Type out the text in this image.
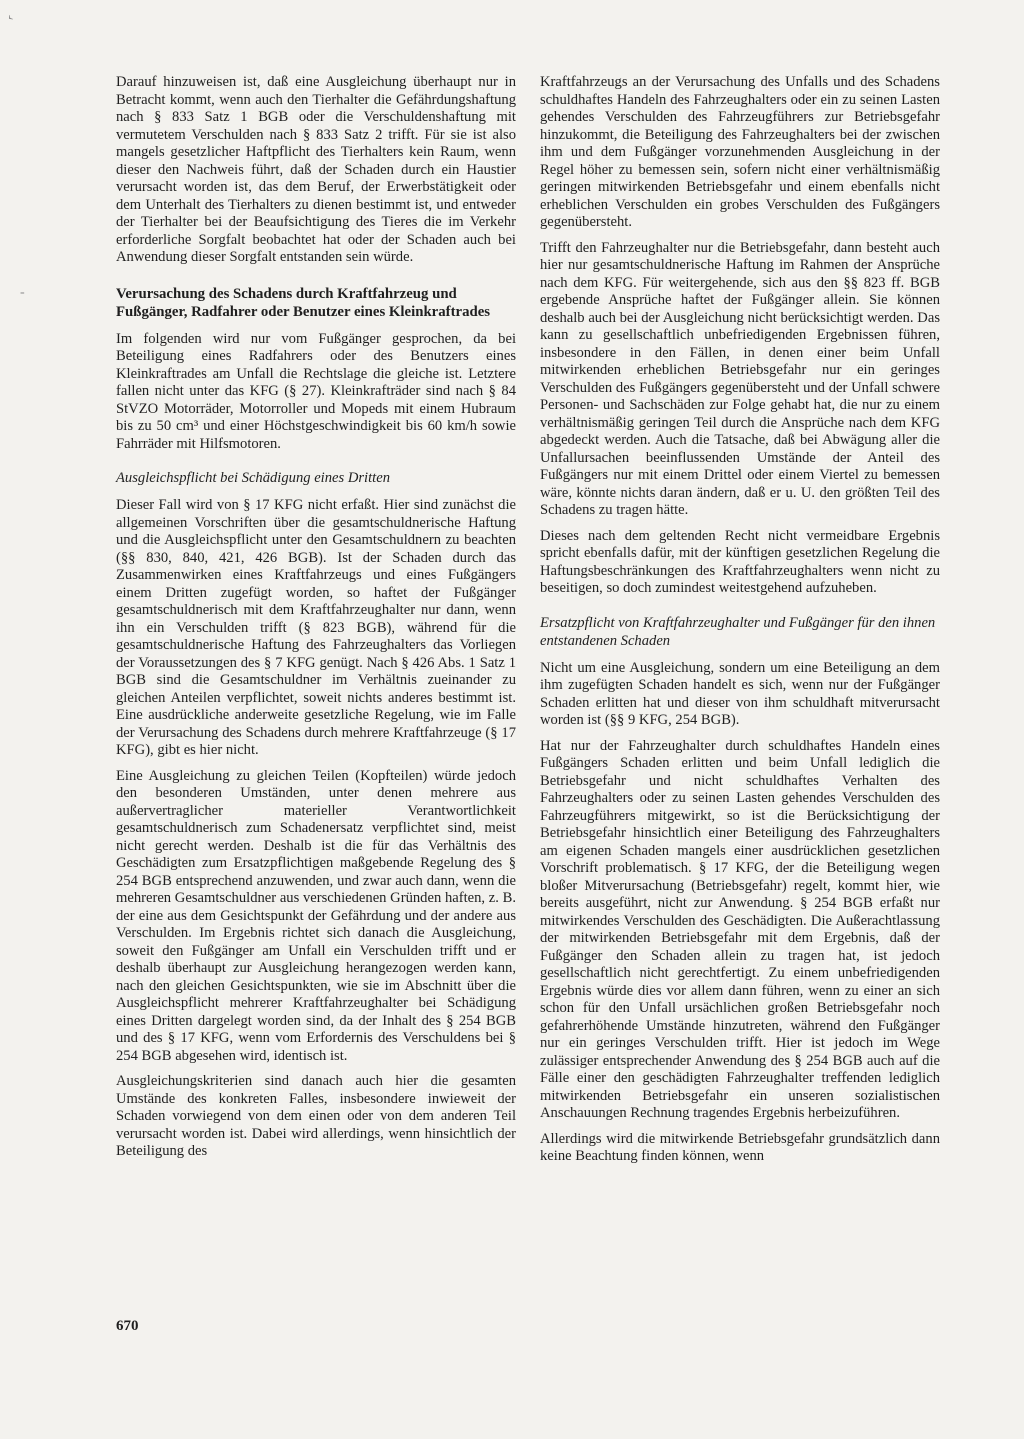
‹
-

Darauf hinzuweisen ist, daß eine Ausgleichung überhaupt nur in Betracht kommt, wenn auch den Tierhalter die Gefährdungshaftung nach § 833 Satz 1 BGB oder die Verschuldenshaftung mit vermutetem Verschulden nach § 833 Satz 2 trifft. Für sie ist also mangels gesetzlicher Haftpflicht des Tierhalters kein Raum, wenn dieser den Nachweis führt, daß der Schaden durch ein Haustier verursacht worden ist, das dem Beruf, der Erwerbstätigkeit oder dem Unterhalt des Tierhalters zu dienen bestimmt ist, und entweder der Tierhalter bei der Beaufsichtigung des Tieres die im Verkehr erforderliche Sorgfalt beobachtet hat oder der Schaden auch bei Anwendung dieser Sorgfalt entstanden sein würde.

Verursachung des Schadens durch Kraftfahrzeug und Fußgänger, Radfahrer oder Benutzer eines Kleinkraftrades

Im folgenden wird nur vom Fußgänger gesprochen, da bei Beteiligung eines Radfahrers oder des Benutzers eines Kleinkraftrades am Unfall die Rechtslage die gleiche ist. Letztere fallen nicht unter das KFG (§ 27). Kleinkrafträder sind nach § 84 StVZO Motorräder, Motorroller und Mopeds mit einem Hubraum bis zu 50 cm³ und einer Höchstgeschwindigkeit bis 60 km/h sowie Fahrräder mit Hilfsmotoren.

Ausgleichspflicht bei Schädigung eines Dritten

Dieser Fall wird von § 17 KFG nicht erfaßt. Hier sind zunächst die allgemeinen Vorschriften über die gesamtschuldnerische Haftung und die Ausgleichspflicht unter den Gesamtschuldnern zu beachten (§§ 830, 840, 421, 426 BGB). Ist der Schaden durch das Zusammenwirken eines Kraftfahrzeugs und eines Fußgängers einem Dritten zugefügt worden, so haftet der Fußgänger gesamtschuldnerisch mit dem Kraftfahrzeughalter nur dann, wenn ihn ein Verschulden trifft (§ 823 BGB), während für die gesamtschuldnerische Haftung des Fahrzeughalters das Vorliegen der Voraussetzungen des § 7 KFG genügt. Nach § 426 Abs. 1 Satz 1 BGB sind die Gesamtschuldner im Verhältnis zueinander zu gleichen Anteilen verpflichtet, soweit nichts anderes bestimmt ist. Eine ausdrückliche anderweite gesetzliche Regelung, wie im Falle der Verursachung des Schadens durch mehrere Kraftfahrzeuge (§ 17 KFG), gibt es hier nicht.

Eine Ausgleichung zu gleichen Teilen (Kopfteilen) würde jedoch den besonderen Umständen, unter denen mehrere aus außervertraglicher materieller Verantwortlichkeit gesamtschuldnerisch zum Schadenersatz verpflichtet sind, meist nicht gerecht werden. Deshalb ist die für das Verhältnis des Geschädigten zum Ersatzpflichtigen maßgebende Regelung des § 254 BGB entsprechend anzuwenden, und zwar auch dann, wenn die mehreren Gesamtschuldner aus verschiedenen Gründen haften, z. B. der eine aus dem Gesichtspunkt der Gefährdung und der andere aus Verschulden. Im Ergebnis richtet sich danach die Ausgleichung, soweit den Fußgänger am Unfall ein Verschulden trifft und er deshalb überhaupt zur Ausgleichung herangezogen werden kann, nach den gleichen Gesichtspunkten, wie sie im Abschnitt über die Ausgleichspflicht mehrerer Kraftfahrzeughalter bei Schädigung eines Dritten dargelegt worden sind, da der Inhalt des § 254 BGB und des § 17 KFG, wenn vom Erfordernis des Verschuldens bei § 254 BGB abgesehen wird, identisch ist.

Ausgleichungskriterien sind danach auch hier die gesamten Umstände des konkreten Falles, insbesondere inwieweit der Schaden vorwiegend von dem einen oder von dem anderen Teil verursacht worden ist. Dabei wird allerdings, wenn hinsichtlich der Beteiligung des

Kraftfahrzeugs an der Verursachung des Unfalls und des Schadens schuldhaftes Handeln des Fahrzeughalters oder ein zu seinen Lasten gehendes Verschulden des Fahrzeugführers zur Betriebsgefahr hinzukommt, die Beteiligung des Fahrzeughalters bei der zwischen ihm und dem Fußgänger vorzunehmenden Ausgleichung in der Regel höher zu bemessen sein, sofern nicht einer verhältnismäßig geringen mitwirkenden Betriebsgefahr und einem ebenfalls nicht erheblichen Verschulden ein grobes Verschulden des Fußgängers gegenübersteht.

Trifft den Fahrzeughalter nur die Betriebsgefahr, dann besteht auch hier nur gesamtschuldnerische Haftung im Rahmen der Ansprüche nach dem KFG. Für weitergehende, sich aus den §§ 823 ff. BGB ergebende Ansprüche haftet der Fußgänger allein. Sie können deshalb auch bei der Ausgleichung nicht berücksichtigt werden. Das kann zu gesellschaftlich unbefriedigenden Ergebnissen führen, insbesondere in den Fällen, in denen einer beim Unfall mitwirkenden erheblichen Betriebsgefahr nur ein geringes Verschulden des Fußgängers gegenübersteht und der Unfall schwere Personen- und Sachschäden zur Folge gehabt hat, die nur zu einem verhältnismäßig geringen Teil durch die Ansprüche nach dem KFG abgedeckt werden. Auch die Tatsache, daß bei Abwägung aller die Unfallursachen beeinflussenden Umstände der Anteil des Fußgängers nur mit einem Drittel oder einem Viertel zu bemessen wäre, könnte nichts daran ändern, daß er u. U. den größten Teil des Schadens zu tragen hätte.

Dieses nach dem geltenden Recht nicht vermeidbare Ergebnis spricht ebenfalls dafür, mit der künftigen gesetzlichen Regelung die Haftungsbeschränkungen des Kraftfahrzeughalters wenn nicht zu beseitigen, so doch zumindest weitestgehend aufzuheben.

Ersatzpflicht von Kraftfahrzeughalter und Fußgänger für den ihnen entstandenen Schaden

Nicht um eine Ausgleichung, sondern um eine Beteiligung an dem ihm zugefügten Schaden handelt es sich, wenn nur der Fußgänger Schaden erlitten hat und dieser von ihm schuldhaft mitverursacht worden ist (§§ 9 KFG, 254 BGB).

Hat nur der Fahrzeughalter durch schuldhaftes Handeln eines Fußgängers Schaden erlitten und beim Unfall lediglich die Betriebsgefahr und nicht schuldhaftes Verhalten des Fahrzeughalters oder zu seinen Lasten gehendes Verschulden des Fahrzeugführers mitgewirkt, so ist die Berücksichtigung der Betriebsgefahr hinsichtlich einer Beteiligung des Fahrzeughalters am eigenen Schaden mangels einer ausdrücklichen gesetzlichen Vorschrift problematisch. § 17 KFG, der die Beteiligung wegen bloßer Mitverursachung (Betriebsgefahr) regelt, kommt hier, wie bereits ausgeführt, nicht zur Anwendung. § 254 BGB erfaßt nur mitwirkendes Verschulden des Geschädigten. Die Außerachtlassung der mitwirkenden Betriebsgefahr mit dem Ergebnis, daß der Fußgänger den Schaden allein zu tragen hat, ist jedoch gesellschaftlich nicht gerechtfertigt. Zu einem unbefriedigenden Ergebnis würde dies vor allem dann führen, wenn zu einer an sich schon für den Unfall ursächlichen großen Betriebsgefahr noch gefahrerhöhende Umstände hinzutreten, während den Fußgänger nur ein geringes Verschulden trifft. Hier ist jedoch im Wege zulässiger entsprechender Anwendung des § 254 BGB auch auf die Fälle einer den geschädigten Fahrzeughalter treffenden lediglich mitwirkenden Betriebsgefahr ein unseren sozialistischen Anschauungen Rechnung tragendes Ergebnis herbeizuführen.

Allerdings wird die mitwirkende Betriebsgefahr grundsätzlich dann keine Beachtung finden können, wenn

670
